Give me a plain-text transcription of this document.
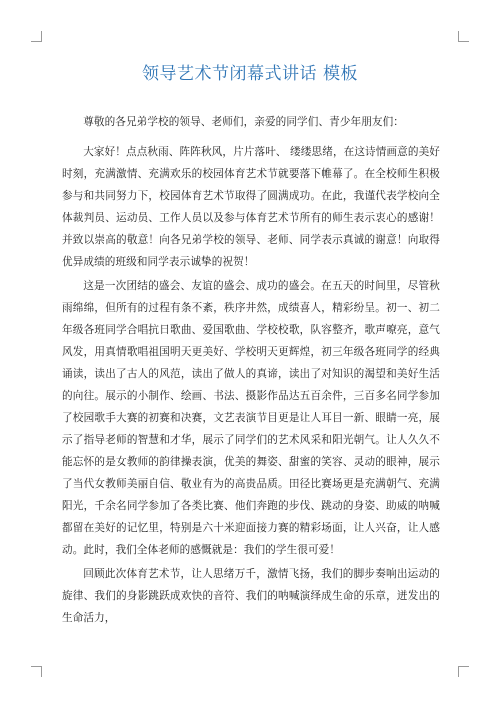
领导艺术节闭幕式讲话 模板

尊敬的各兄弟学校的领导、老师们，亲爱的同学们、青少年朋友们：

大家好！点点秋雨、阵阵秋风，片片落叶、 缕缕思绪，在这诗情画意的美好时刻，充满激情、充满欢乐的校园体育艺术节就要落下帷幕了。在全校师生积极参与和共同努力下，校园体育艺术节取得了圆满成功。在此，我谨代表学校向全体裁判员、运动员、工作人员以及参与体育艺术节所有的师生表示衷心的感谢！并致以崇高的敬意！向各兄弟学校的领导、老师、同学表示真诚的谢意！向取得优异成绩的班级和同学表示诚挚的祝贺！

这是一次团结的盛会、友谊的盛会、成功的盛会。在五天的时间里，尽管秋雨绵绵，但所有的过程有条不紊，秩序井然，成绩喜人，精彩纷呈。初一、初二年级各班同学合唱抗日歌曲、爱国歌曲、学校校歌，队容整齐，歌声嘹亮，意气风发，用真情歌唱祖国明天更美好、学校明天更辉煌，初三年级各班同学的经典诵读，读出了古人的风范，读出了做人的真谛，读出了对知识的渴望和美好生活的向往。展示的小制作、绘画、书法、摄影作品达五百余件，三百多名同学参加了校园歌手大赛的初赛和决赛，文艺表演节目更是让人耳目一新、眼睛一亮，展示了指导老师的智慧和才华，展示了同学们的艺术风采和阳光朝气。让人久久不能忘怀的是女教师的韵律操表演，优美的舞姿、甜蜜的笑容、灵动的眼神，展示了当代女教师美丽自信、敬业有为的高贵品质。田径比赛场更是充满朝气、充满阳光，千余名同学参加了各类比赛、他们奔跑的步伐、跳动的身姿、助威的呐喊都留在美好的记忆里，特别是六十米迎面接力赛的精彩场面，让人兴奋，让人感动。此时，我们全体老师的感慨就是：我们的学生很可爱！

回顾此次体育艺术节，让人思绪万千，激情飞扬，我们的脚步奏响出运动的旋律、我们的身影跳跃成欢快的音符、我们的呐喊演绎成生命的乐章，迸发出的生命活力，
